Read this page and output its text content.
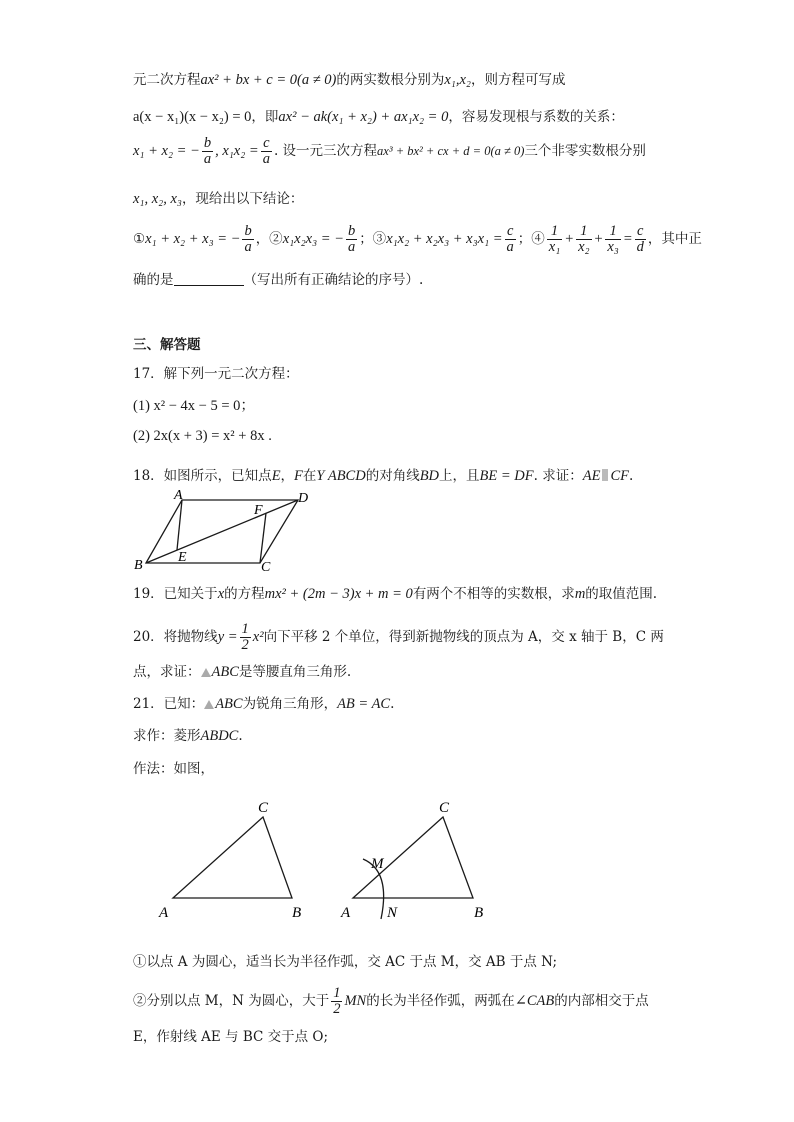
元二次方程ax² + bx + c = 0(a ≠ 0)的两实数根分别为x₁,x₂，则方程可写成
a(x − x₁)(x − x₂) = 0，即ax² − ak(x₁ + x₂) + ax₁x₂ = 0，容易发现根与系数的关系：
x₁ + x₂ = − $\frac{b}{a}$ , $x_1x_2 = \frac{c}{a}$ . 设一元三次方程ax³ + bx² + cx + d = 0(a ≠ 0)三个非零实数根分别
x₁, x₂, x₃，现给出以下结论：
①x₁ + x₂ + x₃ = − $\frac{b}{a}$ ，②x₁x₂x₃ = − $\frac{b}{a}$ ；③x₁x₂ + $x_2x_3 + x_3x_1 = \frac{c}{a}$ ；④ $\frac{1}{\text{x₁}} + \frac{1}{\text{x₂}} + \frac{1}{\text{x₃}} = \frac{c}{d}$ ，其中正
确的是	（写出所有正确结论的序号）.
三、解答题
17．解下列一元二次方程：
(1) x² − 4x − 5 = 0；
(2) 2x(x + 3) = x² + 8x .
18．如图所示，已知点E，F在Y ABCD的对角线BD上，且BE = DF. 求证：AE CF.
A	D
F
B
E
C
19．已知关于x的方程mx² + (2m − 3)x + m = 0有两个不相等的实数根，求m的取值范围.
20．将抛物线$y = \frac{1}{2} x^2$向下平移 2 个单位，得到新抛物线的顶点为 A，交 x 轴于 B，C 两
点，求证： ABC是等腰直角三角形.
21．已知： ABC为锐角三角形，AB = AC.
求作：菱形ABDC.
作法：如图，
C
A	B
C
M
A N	B
①以点 A 为圆心，适当长为半径作弧，交 AC 于点 M，交 AB 于点 N;
②分别以点 M，N 为圆心，大于 $\frac{1}{2}$ MN的长为半径作弧，两弧在∠CAB的内部相交于点
E，作射线 AE 与 BC 交于点 O;
